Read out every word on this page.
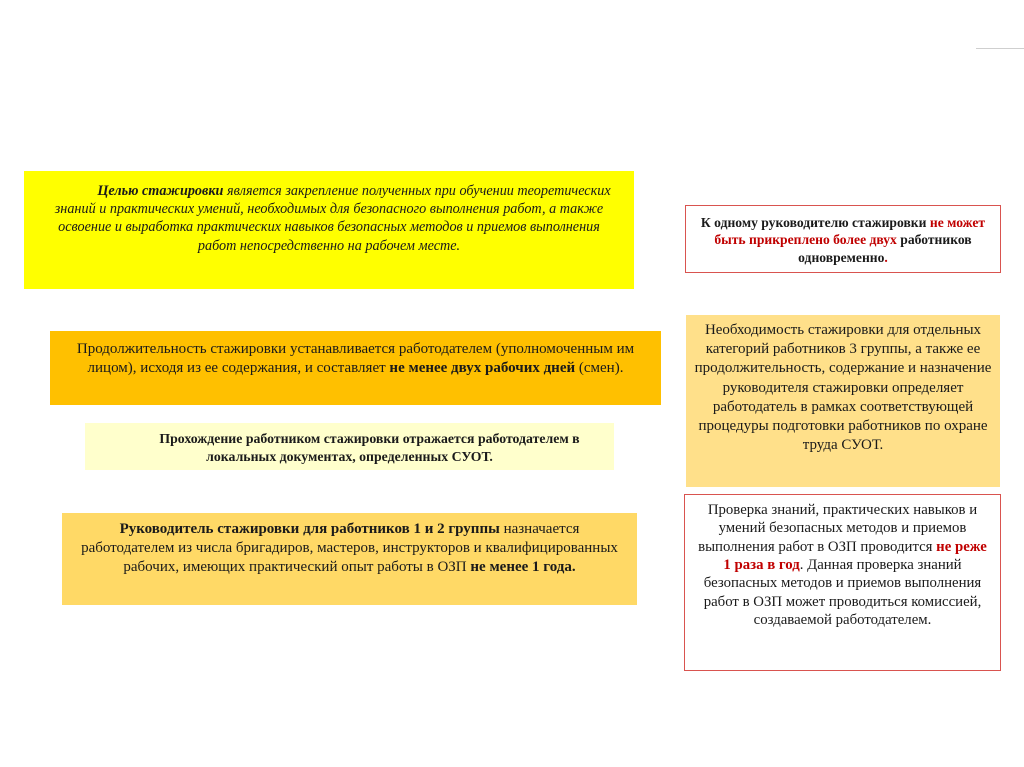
Целью стажировки является закрепление полученных при обучении теоретических знаний и практических умений, необходимых для безопасного выполнения работ, а также освоение и выработка практических навыков безопасных методов и приемов выполнения работ непосредственно на рабочем месте.
Продолжительность стажировки устанавливается работодателем (уполномоченным им лицом), исходя из ее содержания, и составляет не менее двух рабочих дней (смен).
Прохождение работником стажировки отражается работодателем в локальных документах, определенных СУОТ.
Руководитель стажировки для работников 1 и 2 группы назначается работодателем из числа бригадиров, мастеров, инструкторов и квалифицированных рабочих, имеющих практический опыт работы в ОЗП не менее 1 года.
К одному руководителю стажировки не может быть прикреплено более двух работников одновременно.
Необходимость стажировки для отдельных категорий работников 3 группы, а также ее продолжительность, содержание и назначение руководителя стажировки определяет работодатель в рамках соответствующей процедуры подготовки работников по охране труда СУОТ.
Проверка знаний, практических навыков и умений безопасных методов и приемов выполнения работ в ОЗП проводится не реже 1 раза в год. Данная проверка знаний безопасных методов и приемов выполнения работ в ОЗП может проводиться комиссией, создаваемой работодателем.
